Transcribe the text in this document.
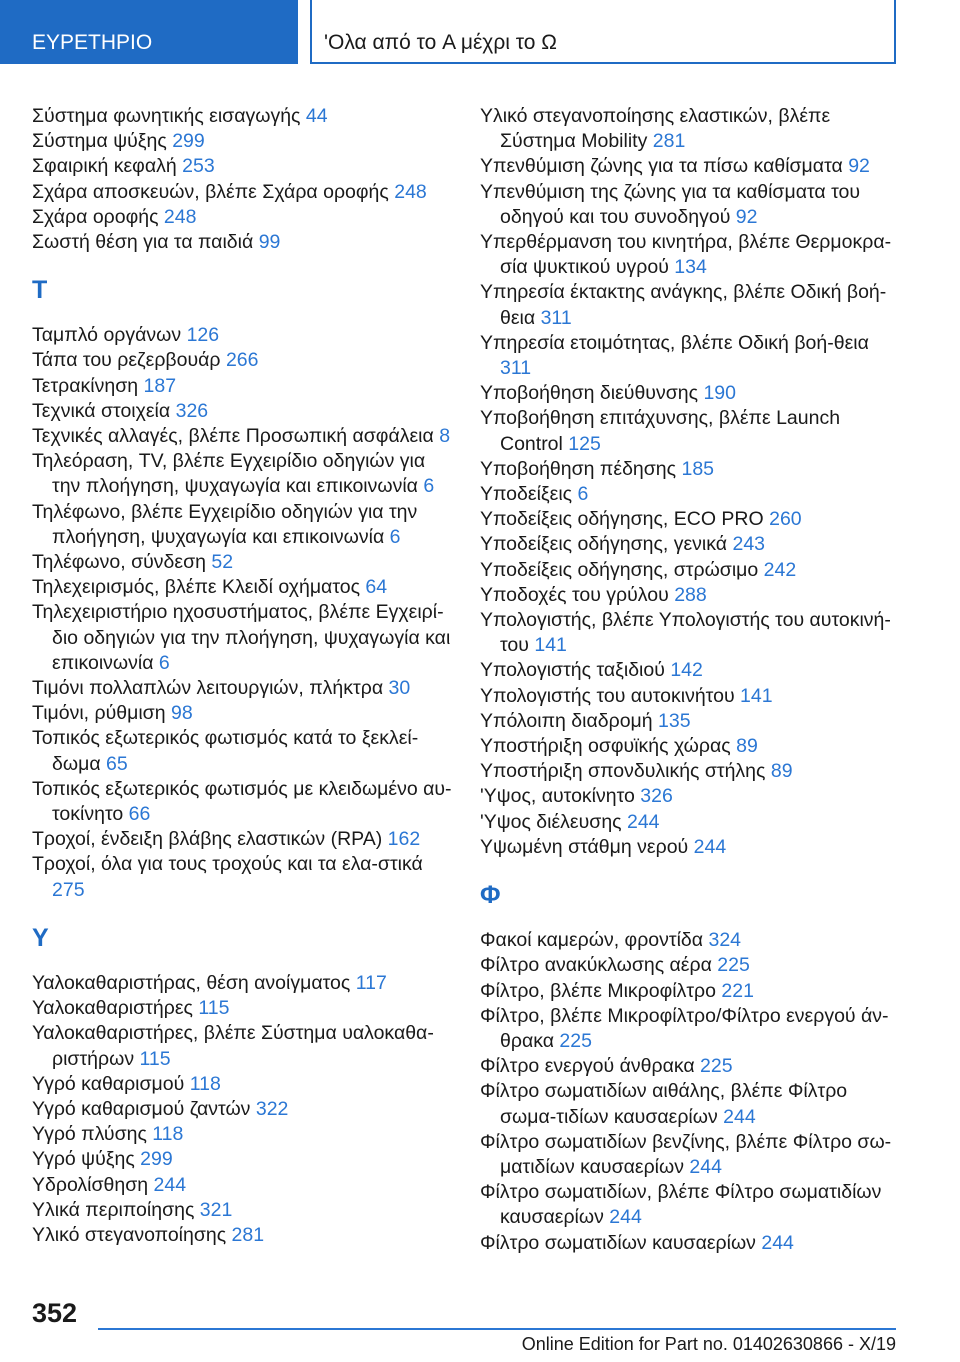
ΕΥΡΕΤΗΡΙΟ	'Ολα από το A μέχρι το Ω

Σύστημα φωνητικής εισαγωγής 44

Σύστημα ψύξης 299

Σφαιρική κεφαλή 253

Σχάρα αποσκευών, βλέπε Σχάρα οροφής 248

Σχάρα οροφής 248

Σωστή θέση για τα παιδιά 99

Τ

Ταμπλό οργάνων 126

Τάπα του ρεζερβουάρ 266

Τετρακίνηση 187

Τεχνικά στοιχεία 326

Τεχνικές αλλαγές, βλέπε Προσωπική ασφάλεια 8

Τηλεόραση, TV, βλέπε Εγχειρίδιο οδηγιών για την πλοήγηση, ψυχαγωγία και επικοινωνία 6

Τηλέφωνο, βλέπε Εγχειρίδιο οδηγιών για την πλοήγηση, ψυχαγωγία και επικοινωνία 6

Τηλέφωνο, σύνδεση 52

Τηλεχειρισμός, βλέπε Κλειδί οχήματος 64

Τηλεχειριστήριο ηχοσυστήματος, βλέπε Εγχειρί-διο οδηγιών για την πλοήγηση, ψυχαγωγία και επικοινωνία 6

Τιμόνι πολλαπλών λειτουργιών, πλήκτρα 30

Τιμόνι, ρύθμιση 98

Τοπικός εξωτερικός φωτισμός κατά το ξεκλεί-δωμα 65

Τοπικός εξωτερικός φωτισμός με κλειδωμένο αυ-τοκίνητο 66

Τροχοί, ένδειξη βλάβης ελαστικών (RPA) 162

Τροχοί, όλα για τους τροχούς και τα ελα-στικά 275

Υ

Υαλοκαθαριστήρας, θέση ανοίγματος 117

Υαλοκαθαριστήρες 115

Υαλοκαθαριστήρες, βλέπε Σύστημα υαλοκαθα-ριστήρων 115

Υγρό καθαρισμού 118

Υγρό καθαρισμού ζαντών 322

Υγρό πλύσης 118

Υγρό ψύξης 299

Υδρολίσθηση 244

Υλικά περιποίησης 321

Υλικό στεγανοποίησης 281

Υλικό στεγανοποίησης ελαστικών, βλέπε Σύστημα Mobility 281

Υπενθύμιση ζώνης για τα πίσω καθίσματα 92

Υπενθύμιση της ζώνης για τα καθίσματα του οδηγού και του συνοδηγού 92

Υπερθέρμανση του κινητήρα, βλέπε Θερμοκρα-σία ψυκτικού υγρού 134

Υπηρεσία έκτακτης ανάγκης, βλέπε Οδική βοή-θεια 311

Υπηρεσία ετοιμότητας, βλέπε Οδική βοή-θεια 311

Υποβοήθηση διεύθυνσης 190

Υποβοήθηση επιτάχυνσης, βλέπε Launch Control 125

Υποβοήθηση πέδησης 185

Υποδείξεις 6

Υποδείξεις οδήγησης, ECO PRO 260

Υποδείξεις οδήγησης, γενικά 243

Υποδείξεις οδήγησης, στρώσιμο 242

Υποδοχές του γρύλου 288

Υπολογιστής, βλέπε Υπολογιστής του αυτοκινή-του 141

Υπολογιστής ταξιδιού 142

Υπολογιστής του αυτοκινήτου 141

Υπόλοιπη διαδρομή 135

Υποστήριξη οσφυϊκής χώρας 89

Υποστήριξη σπονδυλικής στήλης 89

'Υψος, αυτοκίνητο 326

'Υψος διέλευσης 244

Υψωμένη στάθμη νερού 244

Φ

Φακοί καμερών, φροντίδα 324

Φίλτρο ανακύκλωσης αέρα 225

Φίλτρο, βλέπε Μικροφίλτρο 221

Φίλτρο, βλέπε Μικροφίλτρο/Φίλτρο ενεργού άν-θρακα 225

Φίλτρο ενεργού άνθρακα 225

Φίλτρο σωματιδίων αιθάλης, βλέπε Φίλτρο σωμα-τιδίων καυσαερίων 244

Φίλτρο σωματιδίων βενζίνης, βλέπε Φίλτρο σω-ματιδίων καυσαερίων 244

Φίλτρο σωματιδίων, βλέπε Φίλτρο σωματιδίων καυσαερίων 244

Φίλτρο σωματιδίων καυσαερίων 244

352
Online Edition for Part no. 01402630866 - X/19
